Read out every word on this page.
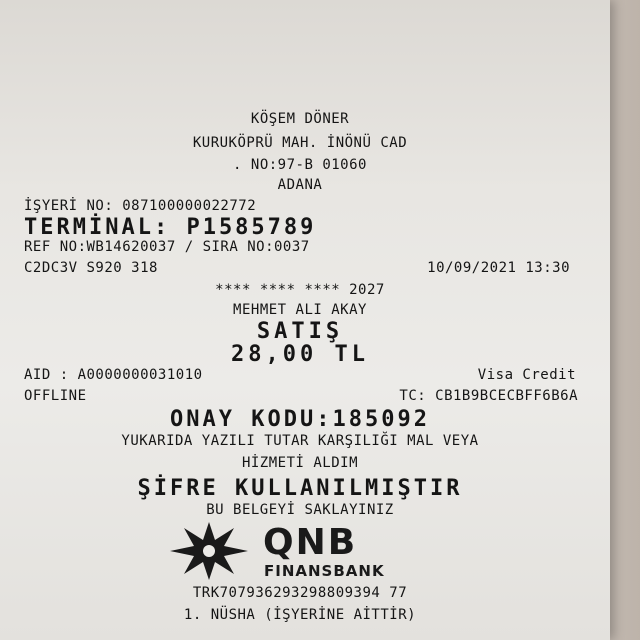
KÖŞEM DÖNER
KURUKÖPRÜ MAH. İNÖNÜ CAD
. NO:97-B 01060
ADANA
İŞYERİ NO: 087100000022772
TERMİNAL: P1585789
REF NO:WB14620037 / SIRA NO:0037
C2DC3V S920 318	10/09/2021 13:30
**** **** **** 2027
MEHMET ALI AKAY
SATIŞ
28,00 TL
AID : A0000000031010	Visa Credit
OFFLINE	TC: CB1B9BCECBFF6B6A
ONAY KODU:185092
YUKARIDA YAZILI TUTAR KARŞILIĞI MAL VEYA
HİZMETİ ALDIM
ŞİFRE KULLANILMIŞTIR
BU BELGEYİ SAKLAYINIZ
QNB
FINANSBANK
TRK707936293298809394 77
1. NÜSHA (İŞYERİNE AİTTİR)
